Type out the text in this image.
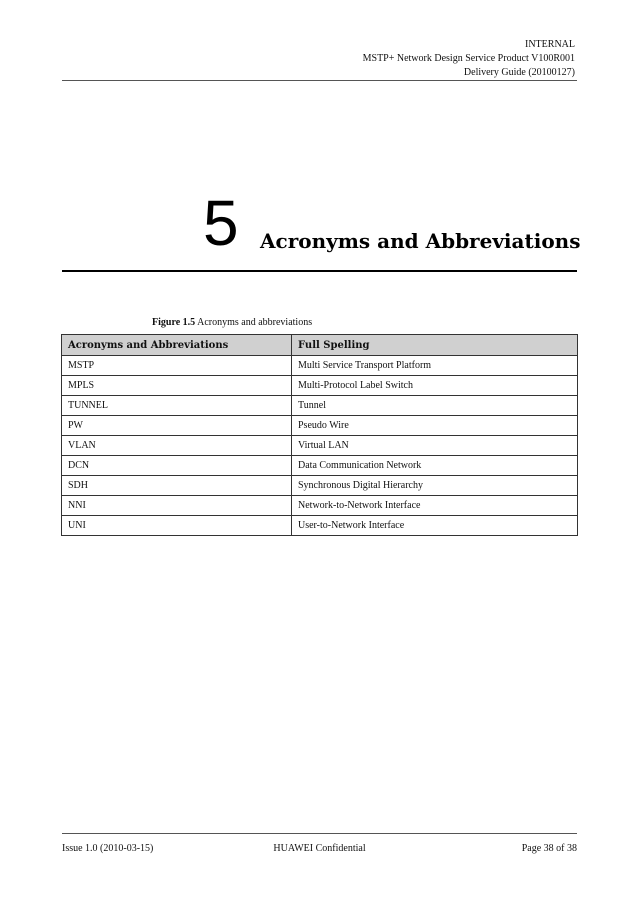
INTERNAL
MSTP+ Network Design Service Product V100R001
Delivery Guide (20100127)
5 Acronyms and Abbreviations
Figure 1.5 Acronyms and abbreviations
Acronyms and Abbreviations	Full Spelling
MSTP	Multi Service Transport Platform
MPLS	Multi-Protocol Label Switch
TUNNEL	Tunnel
PW	Pseudo Wire
VLAN	Virtual LAN
DCN	Data Communication Network
SDH	Synchronous Digital Hierarchy
NNI	Network-to-Network Interface
UNI	User-to-Network Interface
Issue 1.0 (2010-03-15)	HUAWEI Confidential	Page 38 of 38
